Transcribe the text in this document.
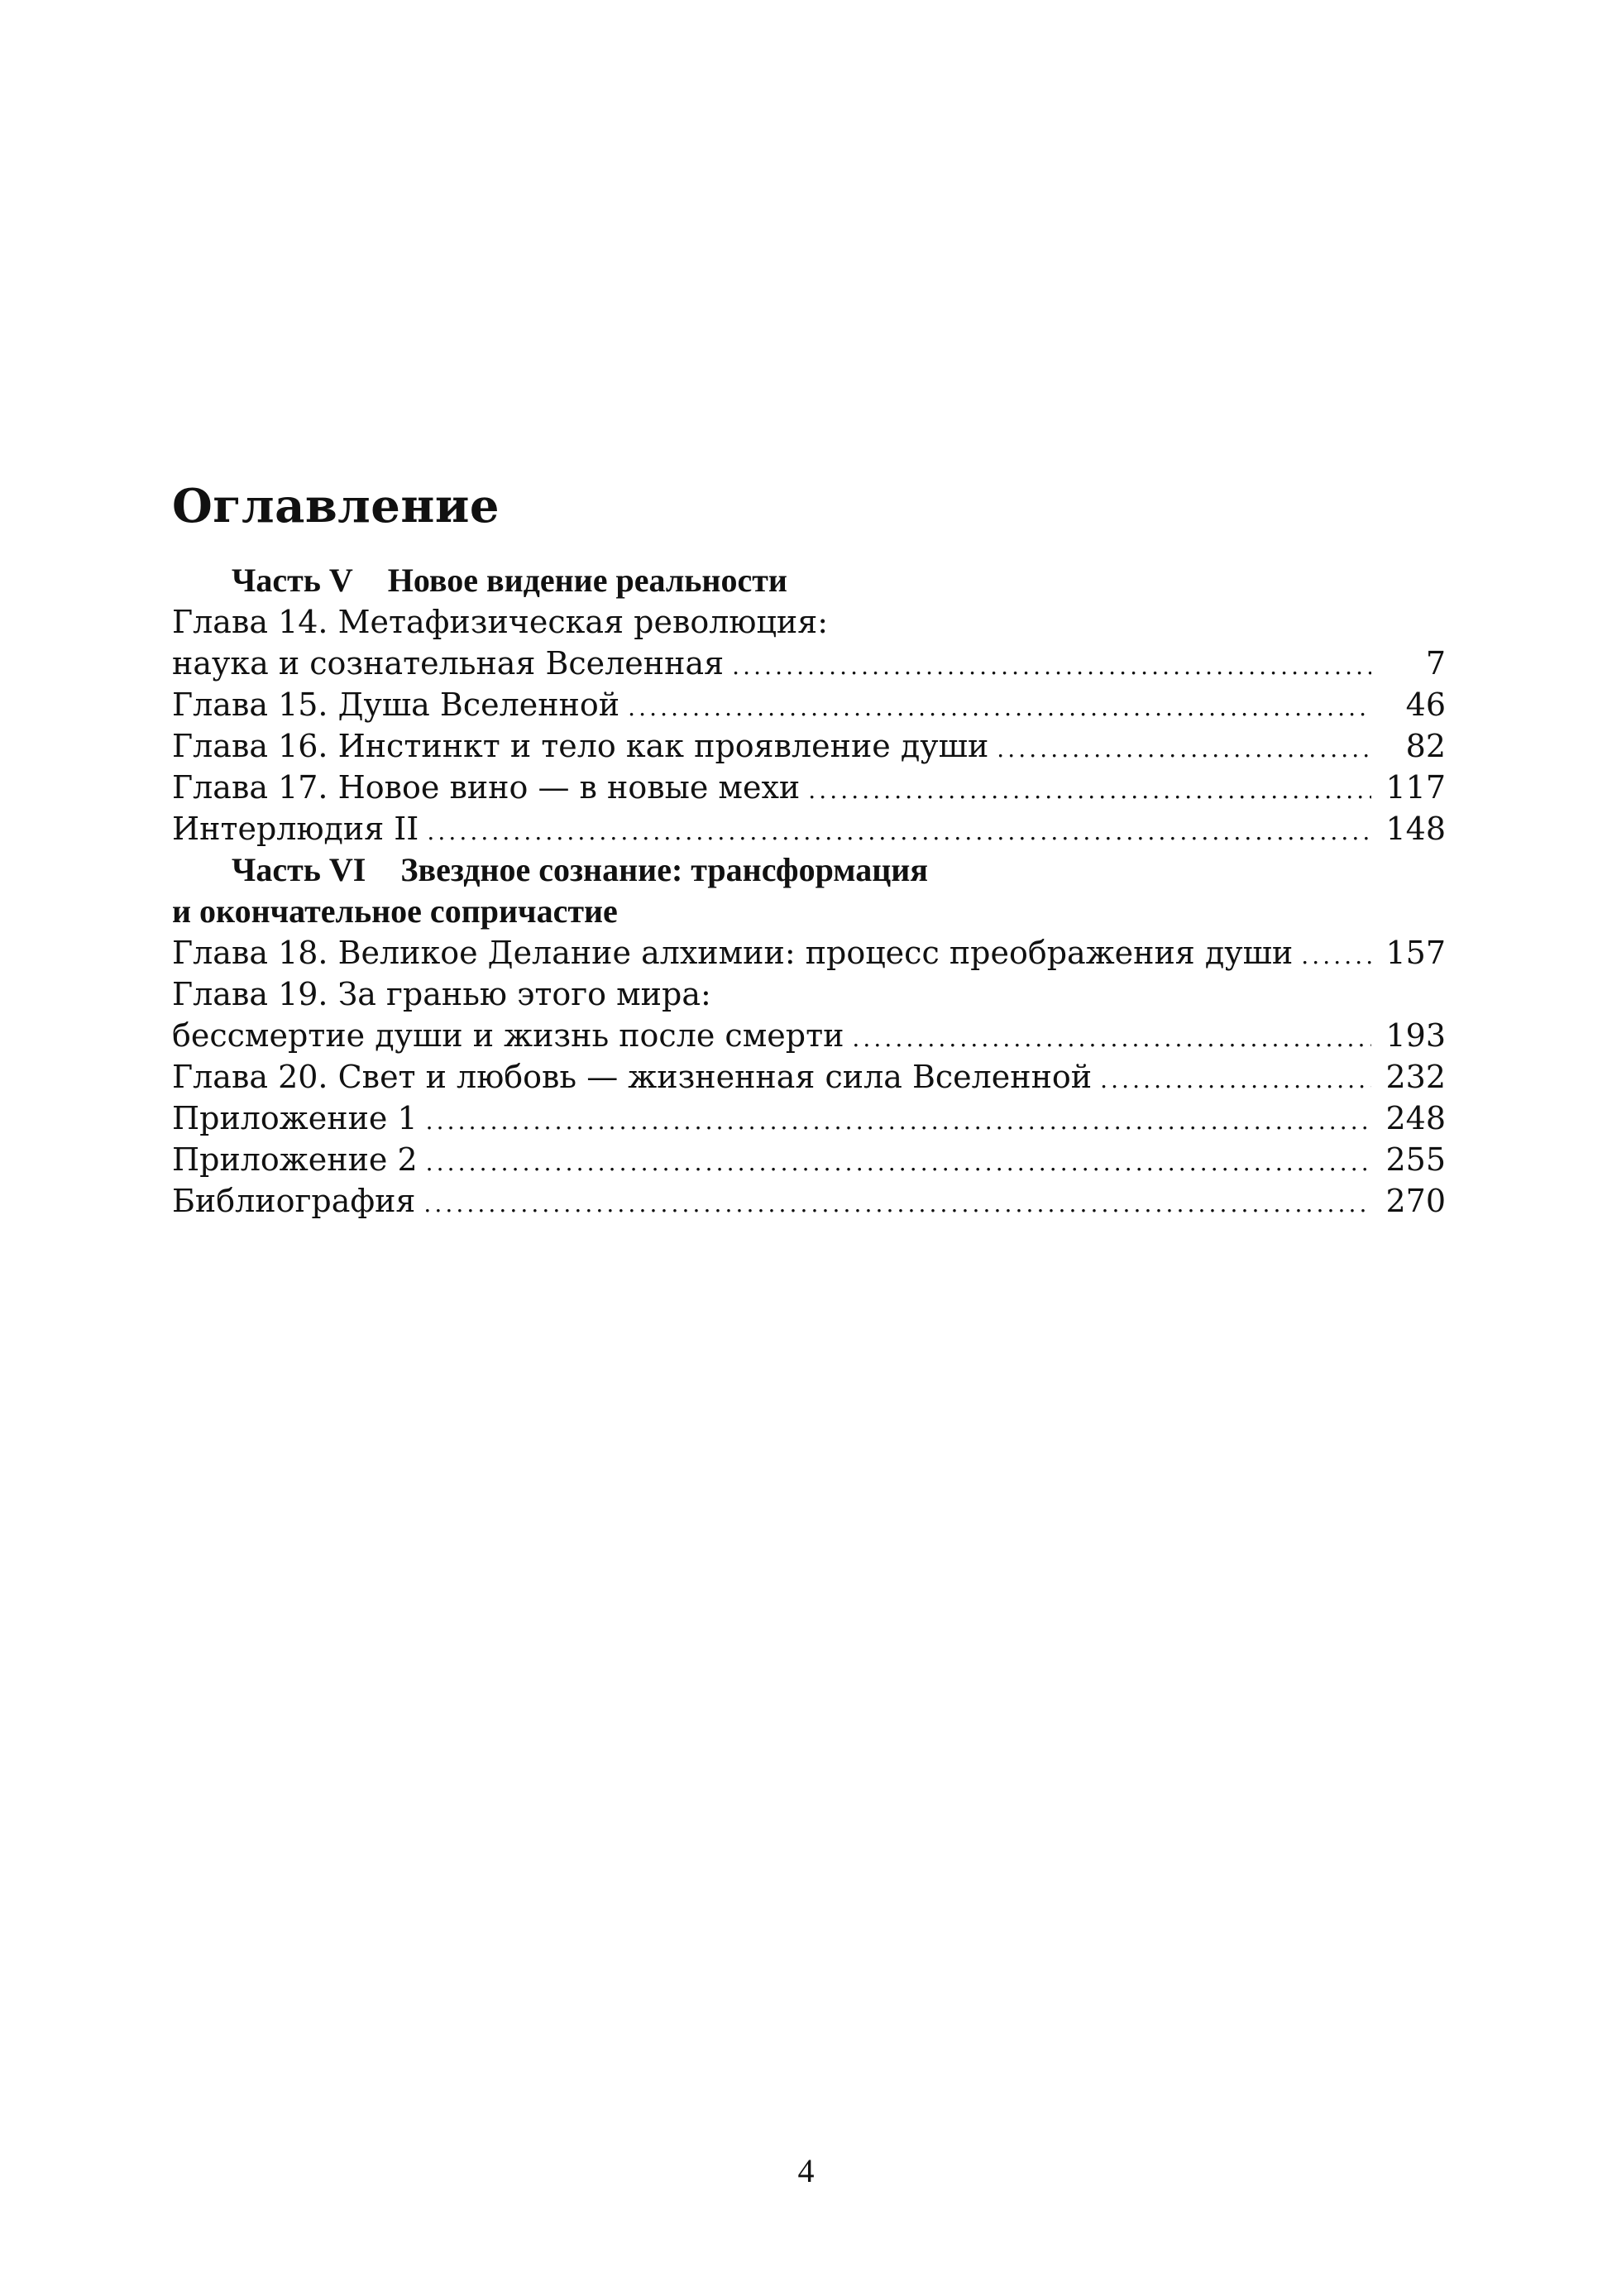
Оглавление
Часть V Новое видение реальности
Глава 14. Метафизическая революция:
наука и сознательная Вселенная . . .	7
Глава 15. Душа Вселенной . . .	46
Глава 16. Инстинкт и тело как проявление души . . .	82
Глава 17. Новое вино — в новые мехи . . .	117
Интерлюдия II . . .	148
Часть VI Звездное сознание: трансформация
и окончательное сопричастие
Глава 18. Великое Делание алхимии: процесс преображения души . . .	157
Глава 19. За гранью этого мира:
бессмертие души и жизнь после смерти . . .	193
Глава 20. Свет и любовь — жизненная сила Вселенной . . .	232
Приложение 1 . . .	248
Приложение 2 . . .	255
Библиография . . .	270
4
